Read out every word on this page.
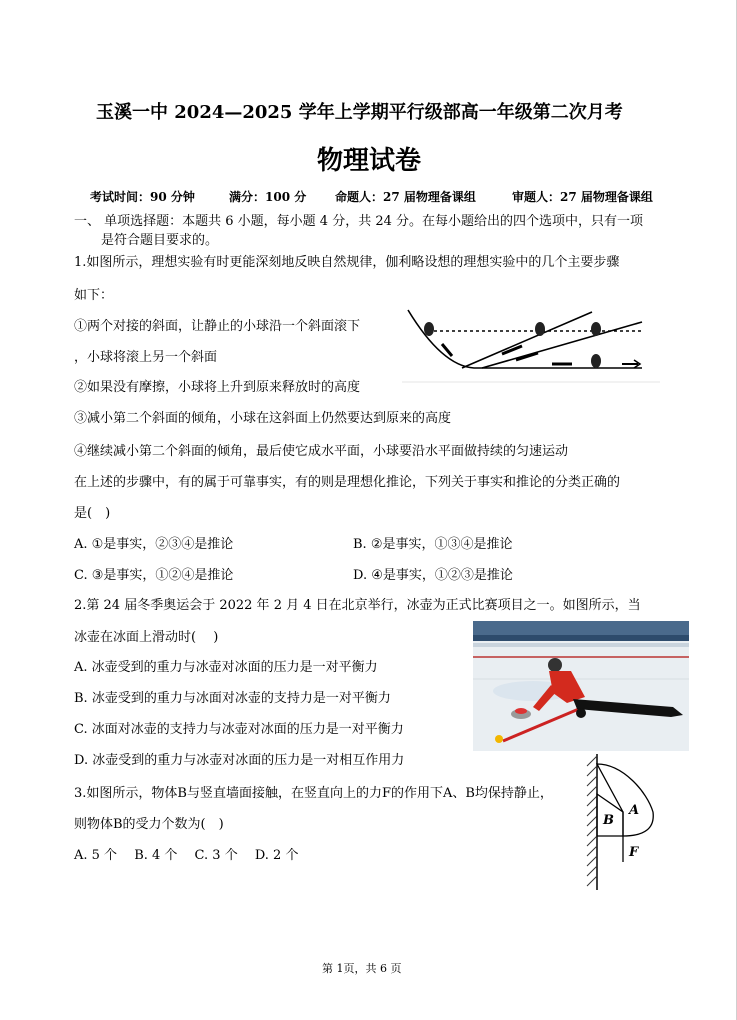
玉溪一中 2024—2025 学年上学期平行级部高一年级第二次月考
物理试卷
考试时间：90 分钟	满分：100 分 命题人：27 届物理备课组	审题人：27 届物理备课组
一、 单项选择题：本题共 6 小题，每小题 4 分，共 24 分。在每小题给出的四个选项中，只有一项
是符合题目要求的。
1.如图所示，理想实验有时更能深刻地反映自然规律，伽利略设想的理想实验中的几个主要步骤
如下：
①两个对接的斜面，让静止的小球沿一个斜面滚下
，小球将滚上另一个斜面
②如果没有摩擦，小球将上升到原来释放时的高度
③减小第二个斜面的倾角，小球在这斜面上仍然要达到原来的高度
④继续减小第二个斜面的倾角，最后使它成水平面，小球要沿水平面做持续的匀速运动
在上述的步骤中，有的属于可靠事实，有的则是理想化推论，下列关于事实和推论的分类正确的
是(　)
A. ①是事实，②③④是推论	B. ②是事实，①③④是推论
C. ③是事实，①②④是推论	D. ④是事实，①②③是推论
2.第 24 届冬季奥运会于 2022 年 2 月 4 日在北京举行，冰壶为正式比赛项目之一。如图所示，当
冰壶在冰面上滑动时(　 )
A. 冰壶受到的重力与冰壶对冰面的压力是一对平衡力
B. 冰壶受到的重力与冰面对冰壶的支持力是一对平衡力
C. 冰面对冰壶的支持力与冰壶对冰面的压力是一对平衡力
D. 冰壶受到的重力与冰壶对冰面的压力是一对相互作用力
3.如图所示，物体B与竖直墙面接触，在竖直向上的力F的作用下A、B均保持静止，
则物体B的受力个数为(　)
A. 5 个　 B. 4 个　 C. 3 个　 D. 2 个
B
A
F
第 1页，共 6 页
